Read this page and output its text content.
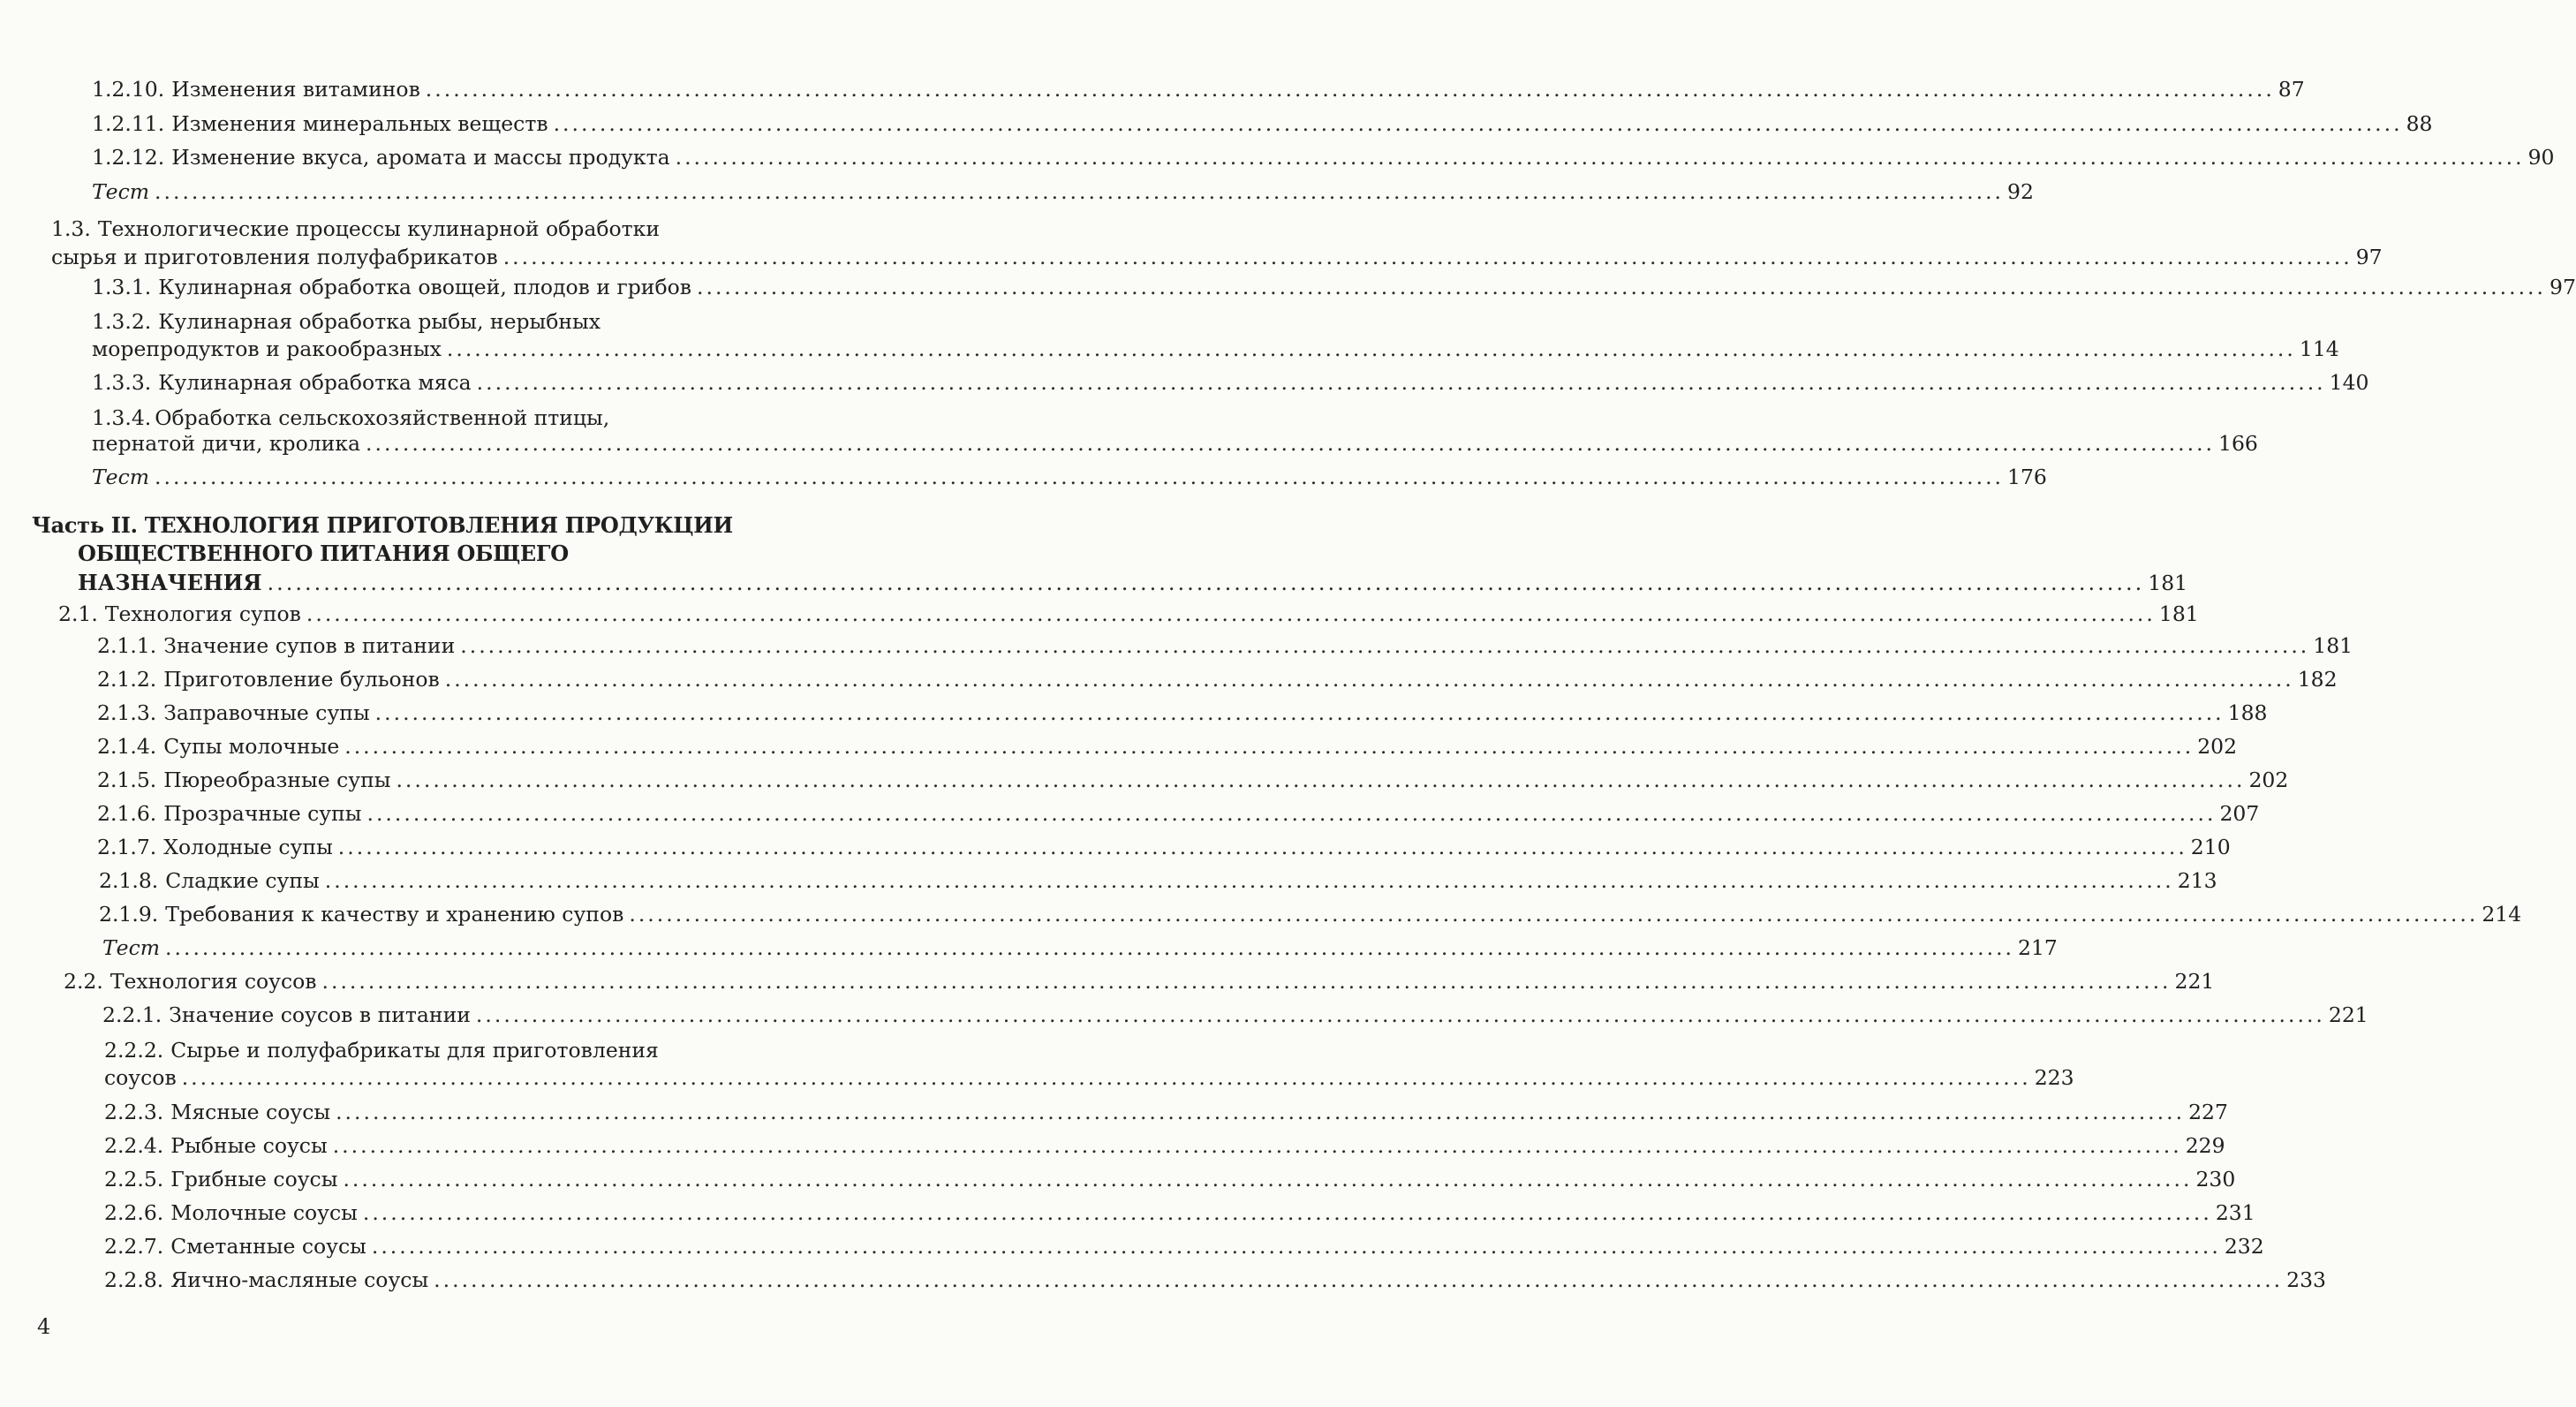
1.2.10. Изменения витаминов .....	87
1.2.11. Изменения минеральных веществ .....	88
1.2.12. Изменение вкуса, аромата и массы продукта .....	90
Тест .....	92
1.3. Технологические процессы кулинарной обработки
сырья и приготовления полуфабрикатов .....	97
1.3.1. Кулинарная обработка овощей, плодов и грибов .....	97
1.3.2. Кулинарная обработка рыбы, нерыбных
морепродуктов и ракообразных .....	114
1.3.3. Кулинарная обработка мяса .....	140
1.3.4. Обработка сельскохозяйственной птицы,
пернатой дичи, кролика .....	166
Тест .....	176
Часть II. ТЕХНОЛОГИЯ ПРИГОТОВЛЕНИЯ ПРОДУКЦИИ
ОБЩЕСТВЕННОГО ПИТАНИЯ ОБЩЕГО
НАЗНАЧЕНИЯ .....	181
2.1. Технология супов .....	181
2.1.1. Значение супов в питании .....	181
2.1.2. Приготовление бульонов .....	182
2.1.3. Заправочные супы .....	188
2.1.4. Супы молочные .....	202
2.1.5. Пюреобразные супы .....	202
2.1.6. Прозрачные супы .....	207
2.1.7. Холодные супы .....	210
2.1.8. Сладкие супы .....	213
2.1.9. Требования к качеству и хранению супов .....	214
Тест .....	217
2.2. Технология соусов .....	221
2.2.1. Значение соусов в питании .....	221
2.2.2. Сырье и полуфабрикаты для приготовления
соусов .....	223
2.2.3. Мясные соусы .....	227
2.2.4. Рыбные соусы .....	229
2.2.5. Грибные соусы .....	230
2.2.6. Молочные соусы .....	231
2.2.7. Сметанные соусы .....	232
2.2.8. Яично-масляные соусы .....	233
4
